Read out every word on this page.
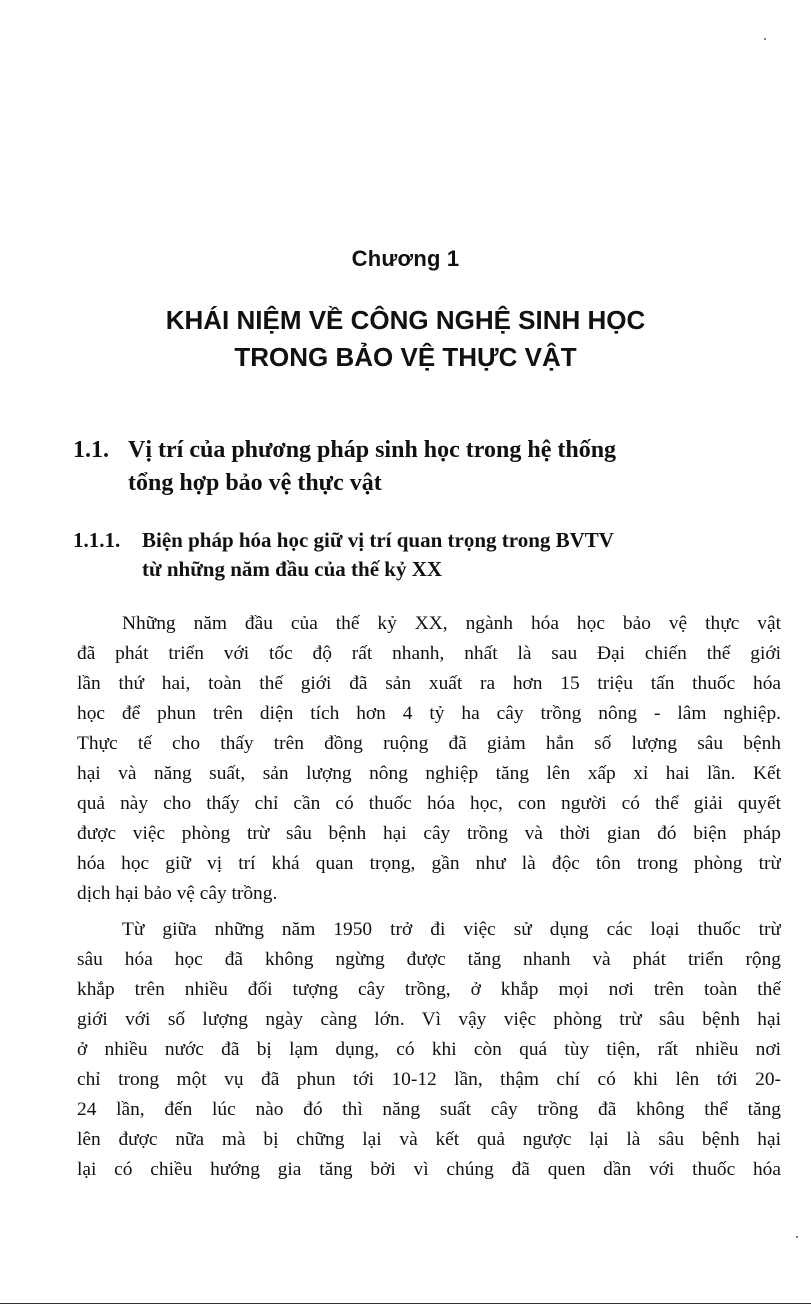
Chương 1
KHÁI NIỆM VỀ CÔNG NGHỆ SINH HỌC
TRONG BẢO VỆ THỰC VẬT
1.1. Vị trí của phương pháp sinh học trong hệ thống
tổng hợp bảo vệ thực vật
1.1.1. Biện pháp hóa học giữ vị trí quan trọng trong BVTV
từ những năm đầu của thế kỷ XX
Những năm đầu của thế kỷ XX, ngành hóa học bảo vệ thực vật
đã phát triển với tốc độ rất nhanh, nhất là sau Đại chiến thế giới
lần thứ hai, toàn thế giới đã sản xuất ra hơn 15 triệu tấn thuốc hóa
học để phun trên diện tích hơn 4 tỷ ha cây trồng nông - lâm nghiệp.
Thực tế cho thấy trên đồng ruộng đã giảm hẳn số lượng sâu bệnh
hại và năng suất, sản lượng nông nghiệp tăng lên xấp xỉ hai lần. Kết
quả này cho thấy chỉ cần có thuốc hóa học, con người có thể giải quyết
được việc phòng trừ sâu bệnh hại cây trồng và thời gian đó biện pháp
hóa học giữ vị trí khá quan trọng, gần như là độc tôn trong phòng trừ
dịch hại bảo vệ cây trồng.
Từ giữa những năm 1950 trở đi việc sử dụng các loại thuốc trừ
sâu hóa học đã không ngừng được tăng nhanh và phát triển rộng
khắp trên nhiều đối tượng cây trồng, ở khắp mọi nơi trên toàn thế
giới với số lượng ngày càng lớn. Vì vậy việc phòng trừ sâu bệnh hại
ở nhiều nước đã bị lạm dụng, có khi còn quá tùy tiện, rất nhiều nơi
chỉ trong một vụ đã phun tới 10-12 lần, thậm chí có khi lên tới 20-
24 lần, đến lúc nào đó thì năng suất cây trồng đã không thể tăng
lên được nữa mà bị chững lại và kết quả ngược lại là sâu bệnh hại
lại có chiều hướng gia tăng bởi vì chúng đã quen dần với thuốc hóa
